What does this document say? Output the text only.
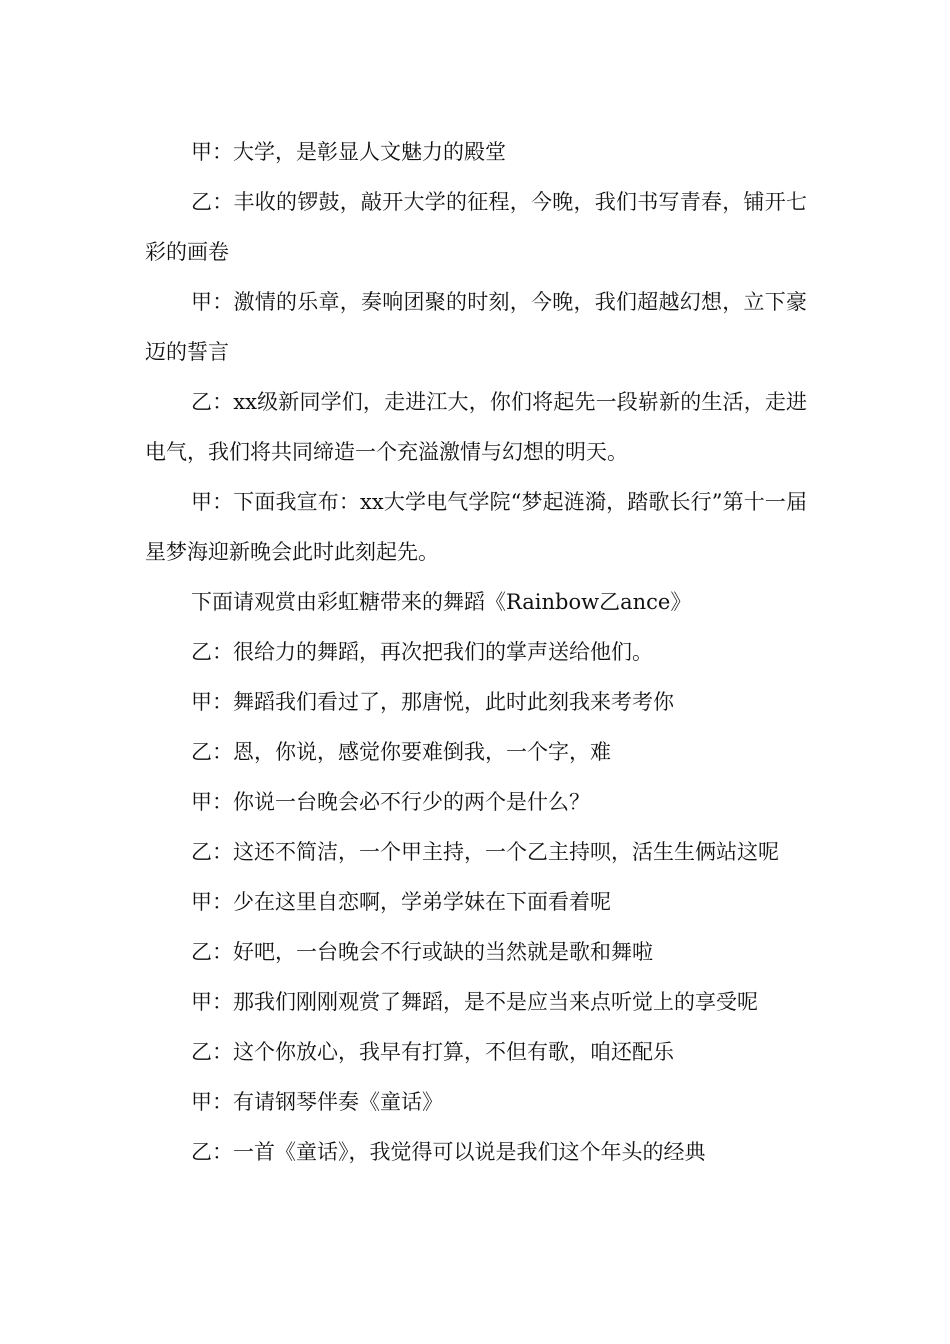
甲：大学，是彰显人文魅力的殿堂

乙：丰收的锣鼓，敲开大学的征程，今晚，我们书写青春，铺开七彩的画卷

甲：激情的乐章，奏响团聚的时刻，今晚，我们超越幻想，立下豪迈的誓言

乙：xx级新同学们，走进江大，你们将起先一段崭新的生活，走进电气，我们将共同缔造一个充溢激情与幻想的明天。

甲：下面我宣布：xx大学电气学院“梦起涟漪，踏歌长行”第十一届星梦海迎新晚会此时此刻起先。

下面请观赏由彩虹糖带来的舞蹈《Rainbow乙ance》

乙：很给力的舞蹈，再次把我们的掌声送给他们。

甲：舞蹈我们看过了，那唐悦，此时此刻我来考考你

乙：恩，你说，感觉你要难倒我，一个字，难

甲：你说一台晚会必不行少的两个是什么？

乙：这还不简洁，一个甲主持，一个乙主持呗，活生生俩站这呢

甲：少在这里自恋啊，学弟学妹在下面看着呢

乙：好吧，一台晚会不行或缺的当然就是歌和舞啦

甲：那我们刚刚观赏了舞蹈，是不是应当来点听觉上的享受呢

乙：这个你放心，我早有打算，不但有歌，咱还配乐

甲：有请钢琴伴奏《童话》

乙：一首《童话》，我觉得可以说是我们这个年头的经典
